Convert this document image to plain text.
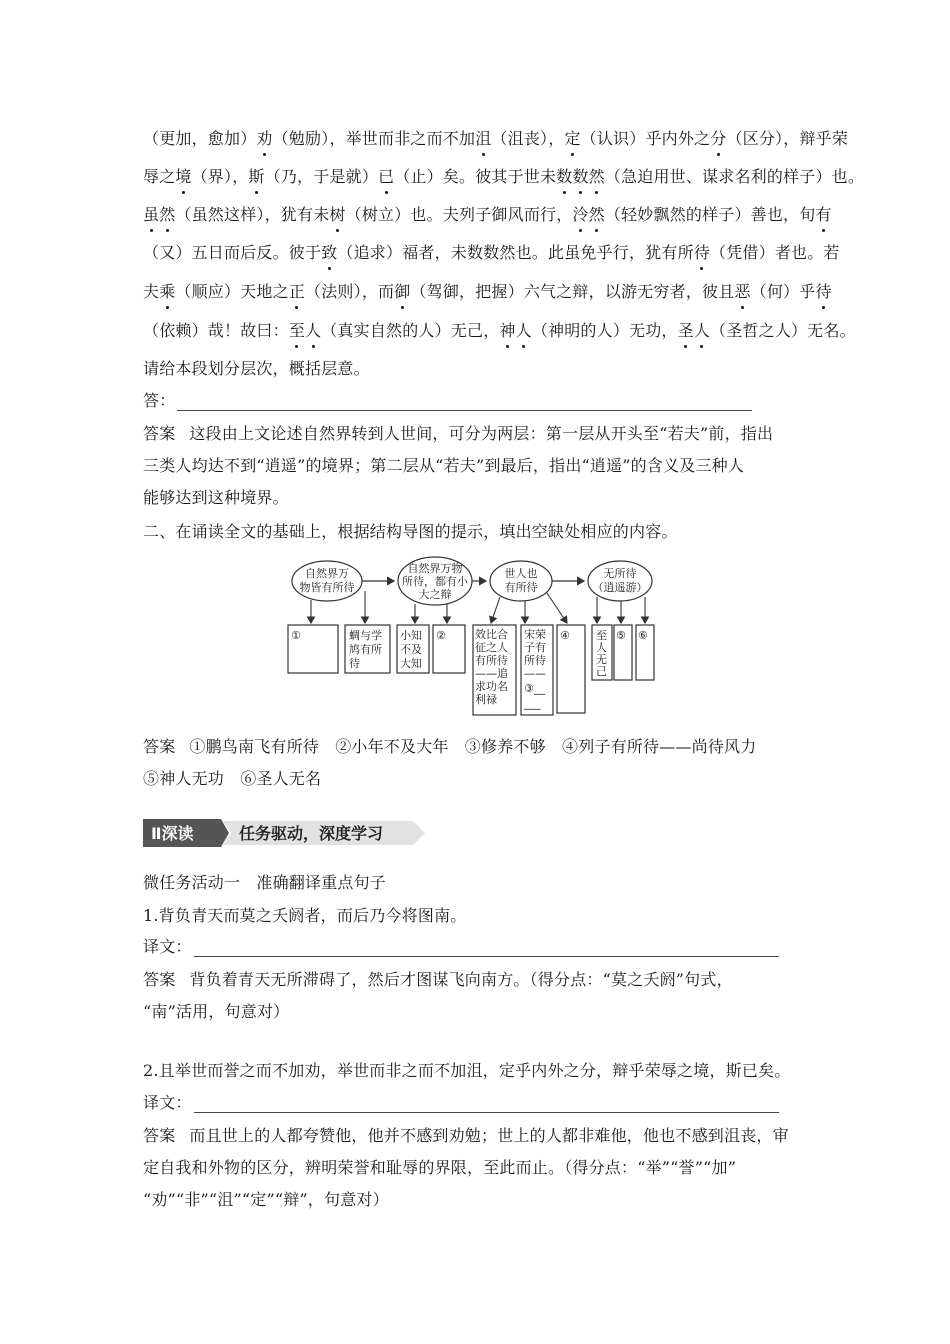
（更加，愈加）劝（勉励），举世而非之而不加沮（沮丧），定（认识）乎内外之分（区分），辩乎荣
辱之境（界），斯（乃，于是就）已（止）矣。彼其于世未数数然（急迫用世、谋求名利的样子）也。
虽然（虽然这样），犹有未树（树立）也。夫列子御风而行，泠然（轻妙飘然的样子）善也，旬有
（又）五日而后反。彼于致（追求）福者，未数数然也。此虽免乎行，犹有所待（凭借）者也。若
夫乘（顺应）天地之正（法则），而御（驾御，把握）六气之辩，以游无穷者，彼且恶（何）乎待
（依赖）哉！故曰：至人（真实自然的人）无己，神人（神明的人）无功，圣人（圣哲之人）无名。
请给本段划分层次，概括层意。
答：
答案 这段由上文论述自然界转到人世间，可分为两层：第一层从开头至“若夫”前，指出
三类人均达不到“逍遥”的境界；第二层从“若夫”到最后，指出“逍遥”的含义及三种人
能够达到这种境界。
二、在诵读全文的基础上，根据结构导图的提示，填出空缺处相应的内容。
自然界万
物皆有所待
自然界万物
所待，都有小
大之辩
世人也
有所待
无所待
（逍遥游）
①	蜩与学
鸠有所
待
小知
不及
大知
②	效比合
征之人
有所待
——追
求功名
利禄
宋荣
子有
所待
——
③__
___
④ 至
人
无
己
⑤ ⑥
答案 ①鹏鸟南飞有所待　②小年不及大年　③修养不够　④列子有所待——尚待风力
⑤神人无功　⑥圣人无名
Ⅱ深读	任务驱动，深度学习
微任务活动一　准确翻译重点句子
1.背负青天而莫之夭阏者，而后乃今将图南。
译文：
答案 背负着青天无所滞碍了，然后才图谋飞向南方。（得分点：“莫之夭阏”句式，
“南”活用，句意对）
2.且举世而誉之而不加劝，举世而非之而不加沮，定乎内外之分，辩乎荣辱之境，斯已矣。
译文：
答案 而且世上的人都夸赞他，他并不感到劝勉；世上的人都非难他，他也不感到沮丧，审
定自我和外物的区分，辨明荣誉和耻辱的界限，至此而止。（得分点：“举”“誉”“加”
“劝”“非”“沮”“定”“辩”，句意对）
